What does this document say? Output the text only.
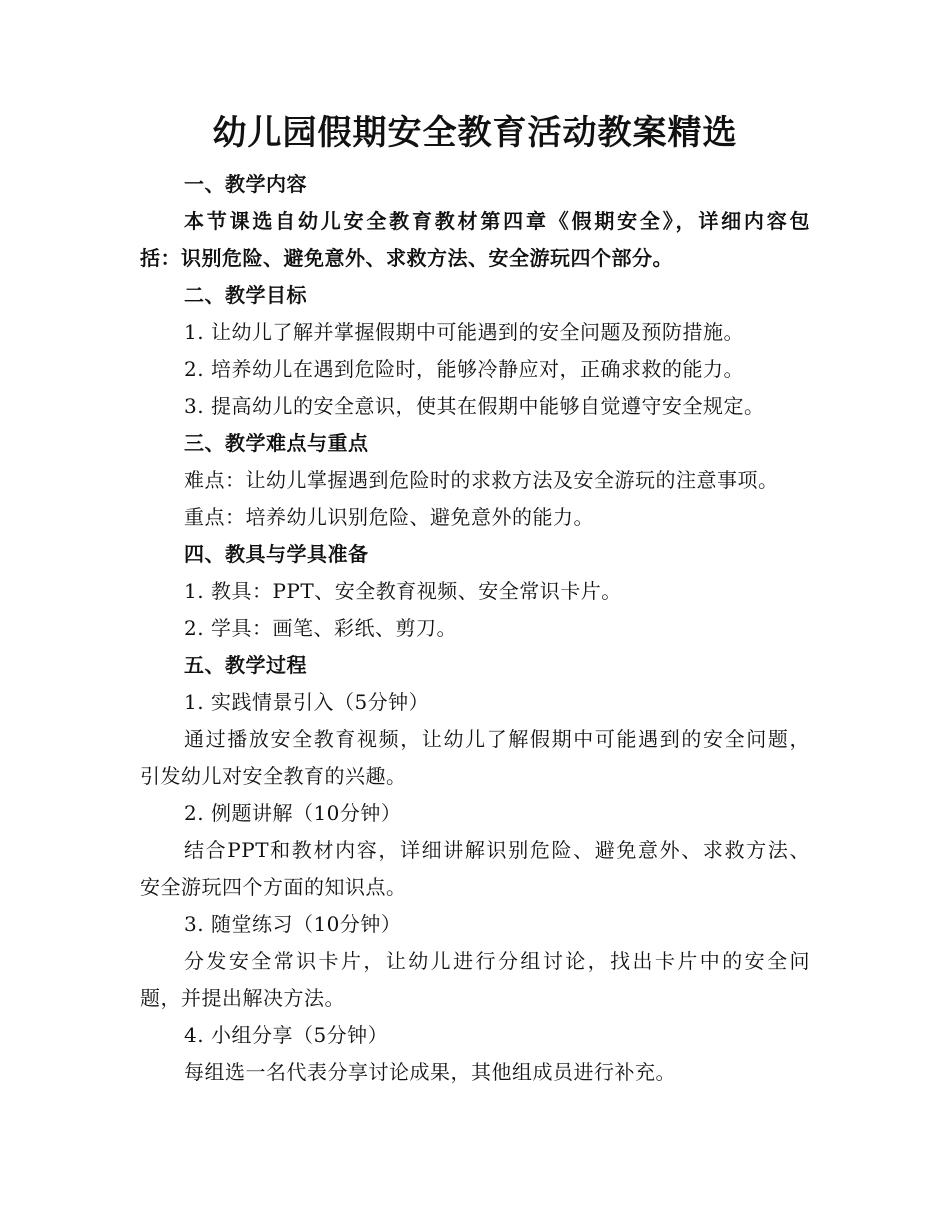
幼儿园假期安全教育活动教案精选
一、教学内容
本节课选自幼儿安全教育教材第四章《假期安全》，详细内容包
括：识别危险、避免意外、求救方法、安全游玩四个部分。
二、教学目标
1. 让幼儿了解并掌握假期中可能遇到的安全问题及预防措施。
2. 培养幼儿在遇到危险时，能够冷静应对，正确求救的能力。
3. 提高幼儿的安全意识，使其在假期中能够自觉遵守安全规定。
三、教学难点与重点
难点：让幼儿掌握遇到危险时的求救方法及安全游玩的注意事项。
重点：培养幼儿识别危险、避免意外的能力。
四、教具与学具准备
1. 教具：PPT、安全教育视频、安全常识卡片。
2. 学具：画笔、彩纸、剪刀。
五、教学过程
1. 实践情景引入（5分钟）
通过播放安全教育视频，让幼儿了解假期中可能遇到的安全问题，
引发幼儿对安全教育的兴趣。
2. 例题讲解（10分钟）
结合PPT和教材内容，详细讲解识别危险、避免意外、求救方法、
安全游玩四个方面的知识点。
3. 随堂练习（10分钟）
分发安全常识卡片，让幼儿进行分组讨论，找出卡片中的安全问
题，并提出解决方法。
4. 小组分享（5分钟）
每组选一名代表分享讨论成果，其他组成员进行补充。
